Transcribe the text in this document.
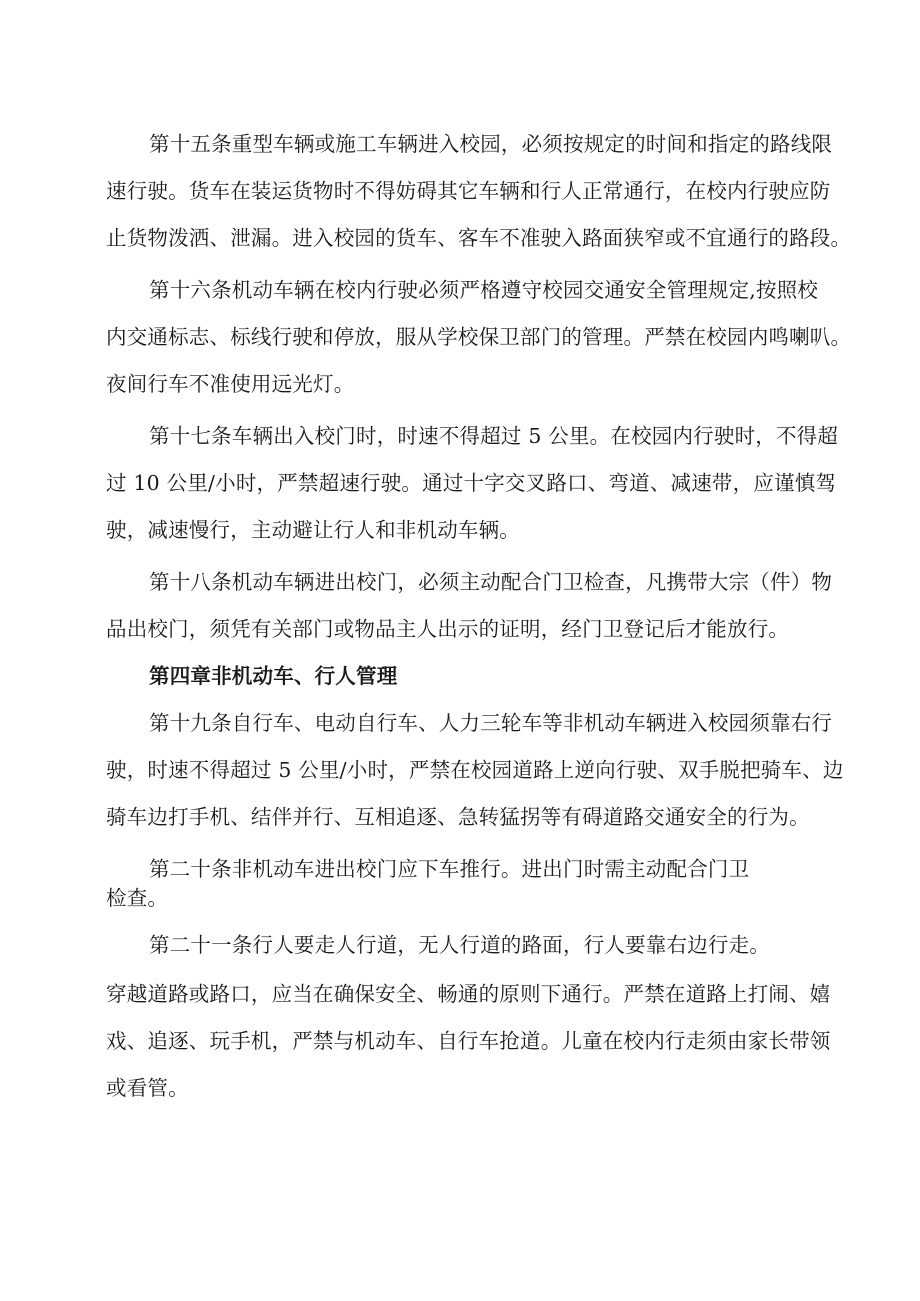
第十五条重型车辆或施工车辆进入校园，必须按规定的时间和指定的路线限
速行驶。货车在装运货物时不得妨碍其它车辆和行人正常通行，在校内行驶应防
止货物泼洒、泄漏。进入校园的货车、客车不准驶入路面狭窄或不宜通行的路段。
第十六条机动车辆在校内行驶必须严格遵守校园交通安全管理规定,按照校
内交通标志、标线行驶和停放，服从学校保卫部门的管理。严禁在校园内鸣喇叭。
夜间行车不准使用远光灯。
第十七条车辆出入校门时，时速不得超过 5 公里。在校园内行驶时，不得超
过 10 公里/小时，严禁超速行驶。通过十字交叉路口、弯道、减速带，应谨慎驾
驶，减速慢行，主动避让行人和非机动车辆。
第十八条机动车辆进出校门，必须主动配合门卫检查，凡携带大宗（件）物
品出校门，须凭有关部门或物品主人出示的证明，经门卫登记后才能放行。
第四章非机动车、行人管理
第十九条自行车、电动自行车、人力三轮车等非机动车辆进入校园须靠右行
驶，时速不得超过 5 公里/小时，严禁在校园道路上逆向行驶、双手脱把骑车、边
骑车边打手机、结伴并行、互相追逐、急转猛拐等有碍道路交通安全的行为。
第二十条非机动车进出校门应下车推行。进出门时需主动配合门卫
检查。
第二十一条行人要走人行道，无人行道的路面，行人要靠右边行走。
穿越道路或路口，应当在确保安全、畅通的原则下通行。严禁在道路上打闹、嬉
戏、追逐、玩手机，严禁与机动车、自行车抢道。儿童在校内行走须由家长带领
或看管。
